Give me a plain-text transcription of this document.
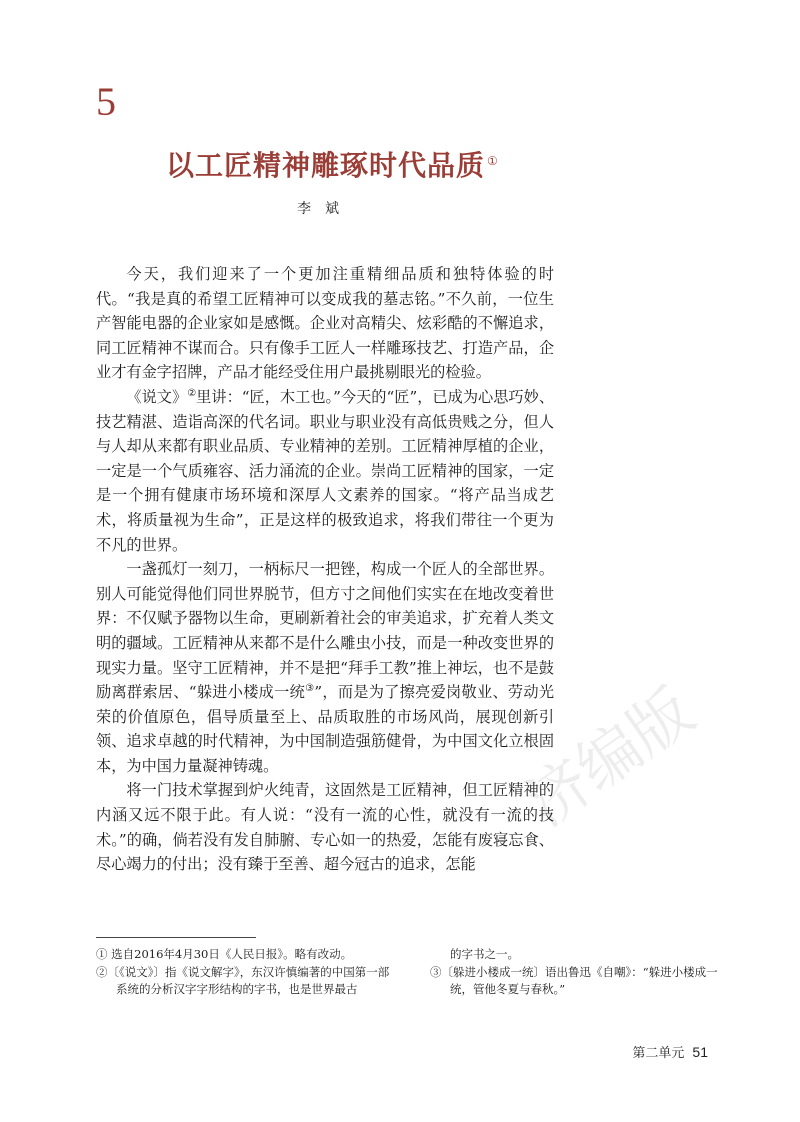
5
以工匠精神雕琢时代品质 ①
李斌

今天，我们迎来了一个更加注重精细品质和独特体验的时代。“我是真的希望工匠精神可以变成我的墓志铭。”不久前，一位生产智能电器的企业家如是感慨。企业对高精尖、炫彩酷的不懈追求，同工匠精神不谋而合。只有像手工匠人一样雕琢技艺、打造产品，企业才有金字招牌，产品才能经受住用户最挑剔眼光的检验。

《说文》②里讲：“匠，木工也。”今天的“匠”，已成为心思巧妙、技艺精湛、造诣高深的代名词。职业与职业没有高低贵贱之分，但人与人却从来都有职业品质、专业精神的差别。工匠精神厚植的企业，一定是一个气质雍容、活力涌流的企业。崇尚工匠精神的国家，一定是一个拥有健康市场环境和深厚人文素养的国家。“将产品当成艺术，将质量视为生命”，正是这样的极致追求，将我们带往一个更为不凡的世界。

一盏孤灯一刻刀，一柄标尺一把锉，构成一个匠人的全部世界。别人可能觉得他们同世界脱节，但方寸之间他们实实在在地改变着世界：不仅赋予器物以生命，更刷新着社会的审美追求，扩充着人类文明的疆域。工匠精神从来都不是什么雕虫小技，而是一种改变世界的现实力量。坚守工匠精神，并不是把“拜手工教”推上神坛，也不是鼓励离群索居、“躲进小楼成一统③”，而是为了擦亮爱岗敬业、劳动光荣的价值原色，倡导质量至上、品质取胜的市场风尚，展现创新引领、追求卓越的时代精神，为中国制造强筋健骨，为中国文化立根固本，为中国力量凝神铸魂。

将一门技术掌握到炉火纯青，这固然是工匠精神，但工匠精神的内涵又远不限于此。有人说：“没有一流的心性，就没有一流的技术。”的确，倘若没有发自肺腑、专心如一的热爱，怎能有废寝忘食、尽心竭力的付出；没有臻于至善、超今冠古的追求，怎能

① 选自2016年4月30日《人民日报》。略有改动。

②〔《说文》〕指《说文解字》，东汉许慎编著的中国第一部系统的分析汉字字形结构的字书，也是世界最古

的字书之一。

③〔躲进小楼成一统〕语出鲁迅《自嘲》：“躲进小楼成一统，管他冬夏与春秋。”

济编版
第二单元 51
